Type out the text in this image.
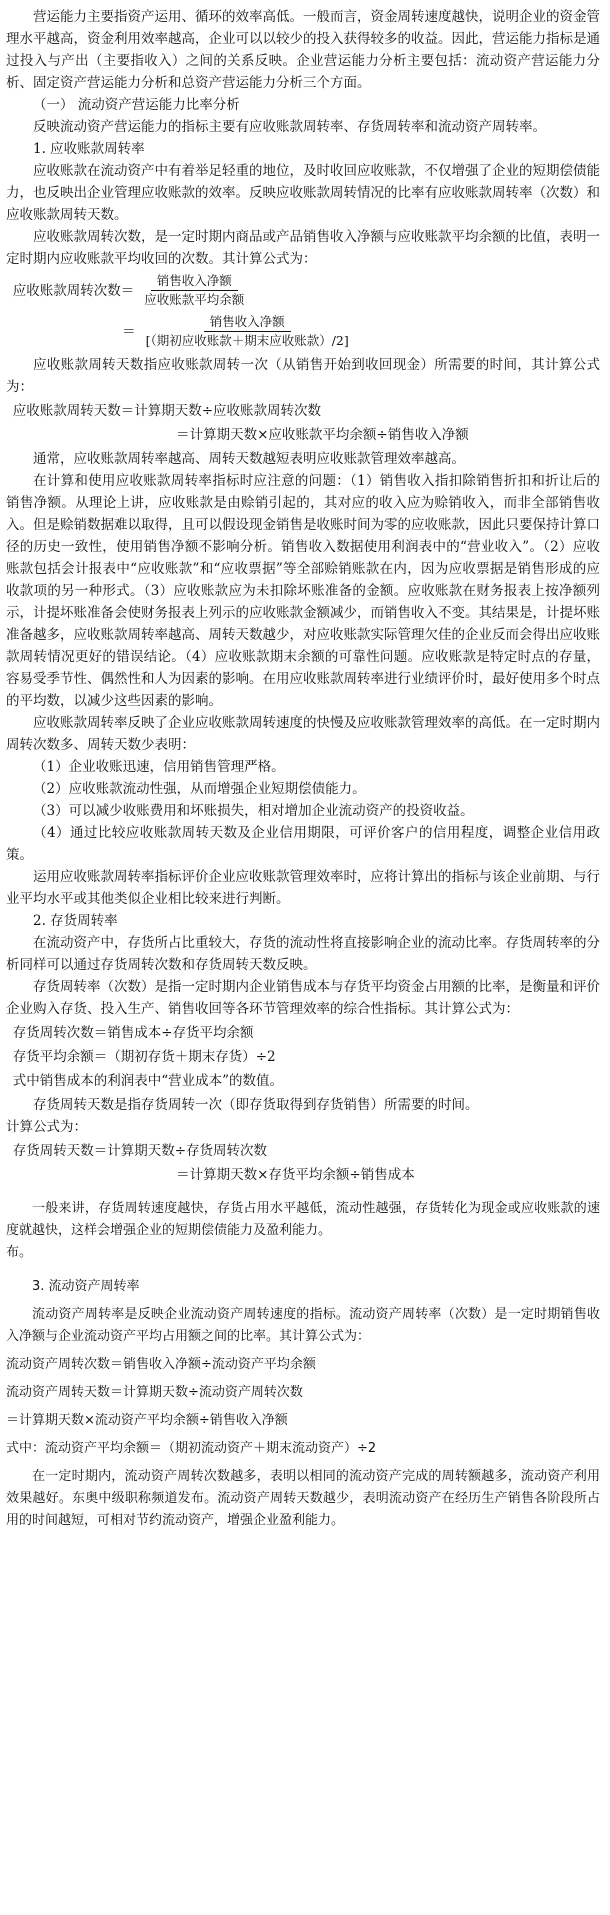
营运能力主要指资产运用、循环的效率高低。一般而言，资金周转速度越快，说明企业的资金管理水平越高，资金利用效率越高，企业可以以较少的投入获得较多的收益。因此，营运能力指标是通过投入与产出（主要指收入）之间的关系反映。企业营运能力分析主要包括：流动资产营运能力分析、固定资产营运能力分析和总资产营运能力分析三个方面。

（一） 流动资产营运能力比率分析

反映流动资产营运能力的指标主要有应收账款周转率、存货周转率和流动资产周转率。

1. 应收账款周转率

应收账款在流动资产中有着举足轻重的地位，及时收回应收账款，不仅增强了企业的短期偿债能力，也反映出企业管理应收账款的效率。反映应收账款周转情况的比率有应收账款周转率（次数）和应收账款周转天数。

应收账款周转次数，是一定时期内商品或产品销售收入净额与应收账款平均余额的比值，表明一定时期内应收账款平均收回的次数。其计算公式为：

应收账款周转次数＝ $\frac{\text{销售收入净额}}{\text{应收账款平均余额}}$
＝ $\frac{\text{销售收入净额}}{\text{[（期初应收账款＋期末应收账款）/2]}}$

应收账款周转天数指应收账款周转一次（从销售开始到收回现金）所需要的时间，其计算公式为：

应收账款周转天数＝计算期天数÷应收账款周转次数

＝计算期天数×应收账款平均余额÷销售收入净额

通常，应收账款周转率越高、周转天数越短表明应收账款管理效率越高。

在计算和使用应收账款周转率指标时应注意的问题：（1）销售收入指扣除销售折扣和折让后的销售净额。从理论上讲，应收账款是由赊销引起的，其对应的收入应为赊销收入，而非全部销售收入。但是赊销数据难以取得，且可以假设现金销售是收账时间为零的应收账款，因此只要保持计算口径的历史一致性，使用销售净额不影响分析。销售收入数据使用利润表中的“营业收入”。（2）应收账款包括会计报表中“应收账款”和“应收票据”等全部赊销账款在内，因为应收票据是销售形成的应收款项的另一种形式。（3）应收账款应为未扣除坏账准备的金额。应收账款在财务报表上按净额列示，计提坏账准备会使财务报表上列示的应收账款金额减少，而销售收入不变。其结果是，计提坏账准备越多，应收账款周转率越高、周转天数越少，对应收账款实际管理欠佳的企业反而会得出应收账款周转情况更好的错误结论。（4）应收账款期末余额的可靠性问题。应收账款是特定时点的存量，容易受季节性、偶然性和人为因素的影响。在用应收账款周转率进行业绩评价时，最好使用多个时点的平均数，以减少这些因素的影响。

应收账款周转率反映了企业应收账款周转速度的快慢及应收账款管理效率的高低。在一定时期内周转次数多、周转天数少表明：

（1）企业收账迅速，信用销售管理严格。

（2）应收账款流动性强，从而增强企业短期偿债能力。

（3）可以减少收账费用和坏账损失，相对增加企业流动资产的投资收益。

（4）通过比较应收账款周转天数及企业信用期限，可评价客户的信用程度，调整企业信用政策。

运用应收账款周转率指标评价企业应收账款管理效率时，应将计算出的指标与该企业前期、与行业平均水平或其他类似企业相比较来进行判断。

2. 存货周转率

在流动资产中，存货所占比重较大，存货的流动性将直接影响企业的流动比率。存货周转率的分析同样可以通过存货周转次数和存货周转天数反映。

存货周转率（次数）是指一定时期内企业销售成本与存货平均资金占用额的比率，是衡量和评价企业购入存货、投入生产、销售收回等各环节管理效率的综合性指标。其计算公式为：

存货周转次数＝销售成本÷存货平均余额

存货平均余额＝（期初存货＋期末存货）÷2

式中销售成本的利润表中“营业成本”的数值。

存货周转天数是指存货周转一次（即存货取得到存货销售）所需要的时间。

计算公式为：

存货周转天数＝计算期天数÷存货周转次数

＝计算期天数×存货平均余额÷销售成本

一般来讲，存货周转速度越快，存货占用水平越低，流动性越强，存货转化为现金或应收账款的速度就越快，这样会增强企业的短期偿债能力及盈利能力。

布。

3. 流动资产周转率

流动资产周转率是反映企业流动资产周转速度的指标。流动资产周转率（次数）是一定时期销售收入净额与企业流动资产平均占用额之间的比率。其计算公式为：

流动资产周转次数＝销售收入净额÷流动资产平均余额

流动资产周转天数＝计算期天数÷流动资产周转次数

＝计算期天数×流动资产平均余额÷销售收入净额

式中：流动资产平均余额＝（期初流动资产＋期末流动资产）÷2

在一定时期内，流动资产周转次数越多，表明以相同的流动资产完成的周转额越多，流动资产利用效果越好。东奥中级职称频道发布。流动资产周转天数越少，表明流动资产在经历生产销售各阶段所占用的时间越短，可相对节约流动资产，增强企业盈利能力。
